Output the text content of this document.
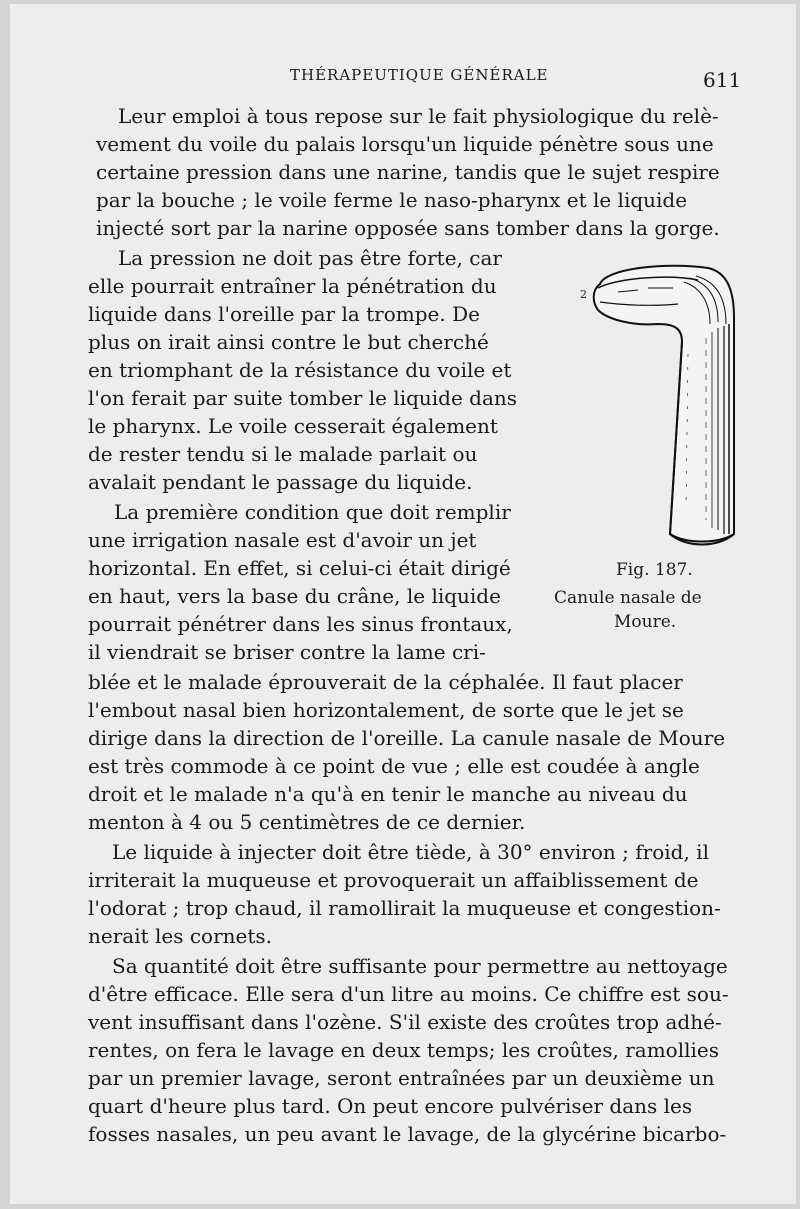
THÉRAPEUTIQUE GÉNÉRALE	611
Leur emploi à tous repose sur le fait physiologique du relè-
vement du voile du palais lorsqu'un liquide pénètre sous une
certaine pression dans une narine, tandis que le sujet respire
par la bouche ; le voile ferme le naso-pharynx et le liquide
injecté sort par la narine opposée sans tomber dans la gorge.
La pression ne doit pas être forte, car
elle pourrait entraîner la pénétration du
liquide dans l'oreille par la trompe. De
plus on irait ainsi contre le but cherché
en triomphant de la résistance du voile et
l'on ferait par suite tomber le liquide dans
le pharynx. Le voile cesserait également
de rester tendu si le malade parlait ou
avalait pendant le passage du liquide.
La première condition que doit remplir
une irrigation nasale est d'avoir un jet
horizontal. En effet, si celui-ci était dirigé
en haut, vers la base du crâne, le liquide
pourrait pénétrer dans les sinus frontaux,
il viendrait se briser contre la lame cri-
blée et le malade éprouverait de la céphalée. Il faut placer
l'embout nasal bien horizontalement, de sorte que le jet se
dirige dans la direction de l'oreille. La canule nasale de Moure
est très commode à ce point de vue ; elle est coudée à angle
droit et le malade n'a qu'à en tenir le manche au niveau du
menton à 4 ou 5 centimètres de ce dernier.
Le liquide à injecter doit être tiède, à 30° environ ; froid, il
irriterait la muqueuse et provoquerait un affaiblissement de
l'odorat ; trop chaud, il ramollirait la muqueuse et congestion-
nerait les cornets.
Sa quantité doit être suffisante pour permettre au nettoyage
d'être efficace. Elle sera d'un litre au moins. Ce chiffre est sou-
vent insuffisant dans l'ozène. S'il existe des croûtes trop adhé-
rentes, on fera le lavage en deux temps; les croûtes, ramollies
par un premier lavage, seront entraînées par un deuxième un
quart d'heure plus tard. On peut encore pulvériser dans les
fosses nasales, un peu avant le lavage, de la glycérine bicarbo-
2
Fig. 187.
Canule nasale de
Moure.
